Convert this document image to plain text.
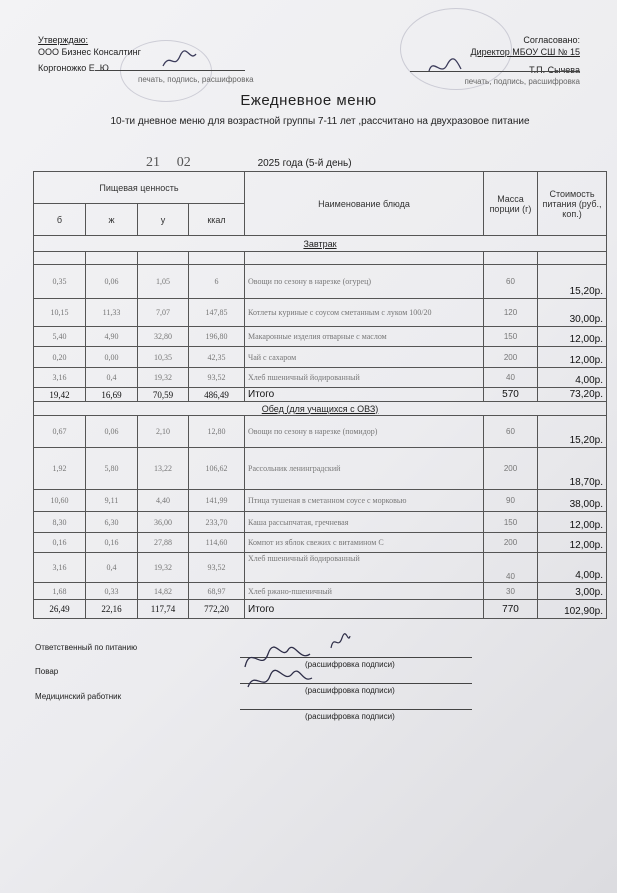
Утверждаю:
ООО Бизнес Консалтинг
Коргоножко Е. Ю.
печать, подпись, расшифровка
Согласовано:
Директор МБОУ СШ № 15
Т.П. Сычева
печать, подпись, расшифровка
Ежедневное меню
10-ти дневное меню для возрастной группы 7-11 лет ,рассчитано на двухразовое питание
21 02	2025 года (5-й день)
Пищевая ценность				Наименование блюда	Масса порции (г)	Стоимость питания (руб., коп.)
б	ж	у	ккал			
Завтрак						

0,35	0,06	1,05	6	Овощи по сезону в нарезке (огурец)	60	15,20р.
10,15	11,33	7,07	147,85	Котлеты куриные с соусом сметанным с луком 100/20	120	30,00р.
5,40	4,90	32,80	196,80	Макаронные изделия отварные с маслом	150	12,00р.
0,20	0,00	10,35	42,35	Чай с сахаром	200	12,00р.
3,16	0,4	19,32	93,52	Хлеб пшеничный йодированный	40	4,00р.
19,42	16,69	70,59	486,49	Итого	570	73,20р.
Обед (для учащихся с ОВЗ)						
0,67	0,06	2,10	12,80	Овощи по сезону в нарезке (помидор)	60	15,20р.
1,92	5,80	13,22	106,62	Рассольник ленинградский	200	18,70р.
10,60	9,11	4,40	141,99	Птица тушеная в сметанном соусе с морковью	90	38,00р.
8,30	6,30	36,00	233,70	Каша рассыпчатая, гречневая	150	12,00р.
0,16	0,16	27,88	114,60	Компот из яблок свежих с витамином С	200	12,00р.
3,16	0,4	19,32	93,52	Хлеб пшеничный йодированный	40	4,00р.
1,68	0,33	14,82	68,97	Хлеб ржано-пшеничный	30	3,00р.
26,49	22,16	117,74	772,20	Итого	770	102,90р.
Ответственный по питанию
(расшифровка подписи)
Повар
(расшифровка подписи)
Медицинский работник
(расшифровка подписи)
